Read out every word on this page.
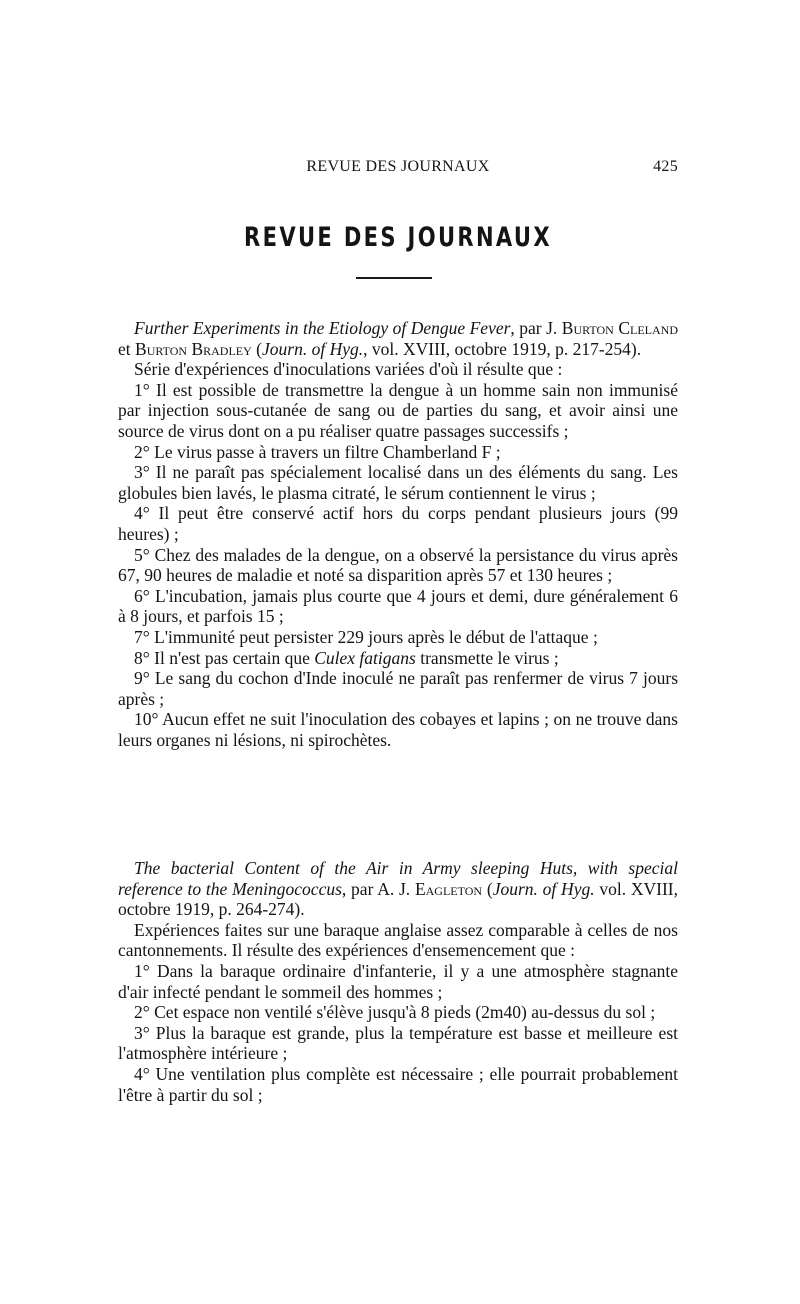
REVUE DES JOURNAUX	425
REVUE DES JOURNAUX

Further Experiments in the Etiology of Dengue Fever, par J. Burton Cleland et Burton Bradley (Journ. of Hyg., vol. XVIII, octobre 1919, p. 217-254).

Série d'expériences d'inoculations variées d'où il résulte que :

1° Il est possible de transmettre la dengue à un homme sain non immunisé par injection sous-cutanée de sang ou de parties du sang, et avoir ainsi une source de virus dont on a pu réaliser quatre passages successifs ;

2° Le virus passe à travers un filtre Chamberland F ;

3° Il ne paraît pas spécialement localisé dans un des éléments du sang. Les globules bien lavés, le plasma citraté, le sérum contiennent le virus ;

4° Il peut être conservé actif hors du corps pendant plusieurs jours (99 heures) ;

5° Chez des malades de la dengue, on a observé la persistance du virus après 67, 90 heures de maladie et noté sa disparition après 57 et 130 heures ;

6° L'incubation, jamais plus courte que 4 jours et demi, dure généralement 6 à 8 jours, et parfois 15 ;

7° L'immunité peut persister 229 jours après le début de l'attaque ;

8° Il n'est pas certain que Culex fatigans transmette le virus ;

9° Le sang du cochon d'Inde inoculé ne paraît pas renfermer de virus 7 jours après ;

10° Aucun effet ne suit l'inoculation des cobayes et lapins ; on ne trouve dans leurs organes ni lésions, ni spirochètes.

The bacterial Content of the Air in Army sleeping Huts, with special reference to the Meningococcus, par A. J. Eagleton (Journ. of Hyg. vol. XVIII, octobre 1919, p. 264-274).

Expériences faites sur une baraque anglaise assez comparable à celles de nos cantonnements. Il résulte des expériences d'ensemencement que :

1° Dans la baraque ordinaire d'infanterie, il y a une atmosphère stagnante d'air infecté pendant le sommeil des hommes ;

2° Cet espace non ventilé s'élève jusqu'à 8 pieds (2m40) au-dessus du sol ;

3° Plus la baraque est grande, plus la température est basse et meilleure est l'atmosphère intérieure ;

4° Une ventilation plus complète est nécessaire ; elle pourrait probablement l'être à partir du sol ;
